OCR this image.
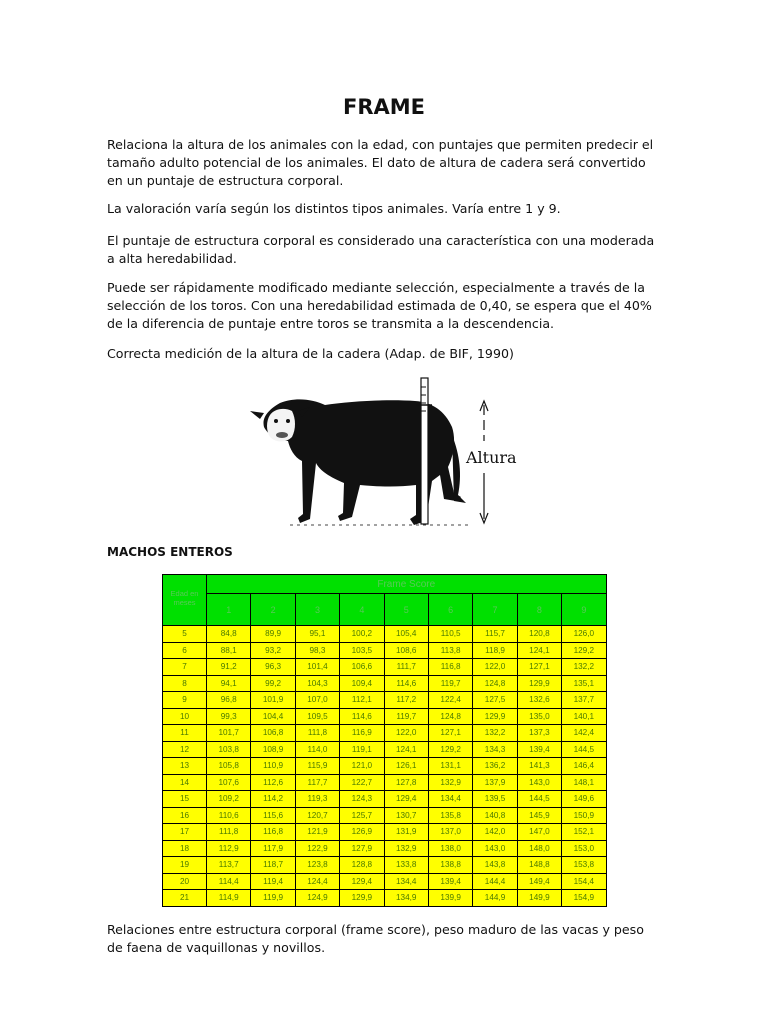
FRAME

Relaciona la altura de los animales con la edad, con puntajes que permiten predecir el tamaño adulto potencial de los animales. El dato de altura de cadera será convertido en un puntaje de estructura corporal.

La valoración varía según los distintos tipos animales. Varía entre 1 y 9.

El puntaje de estructura corporal es considerado una característica con una moderada a alta heredabilidad.

Puede ser rápidamente modificado mediante selección, especialmente a través de la selección de los toros. Con una heredabilidad estimada de 0,40, se espera que el 40% de la diferencia de puntaje entre toros se transmita a la descendencia.

Correcta medición de la altura de la cadera (Adap. de BIF, 1990)

Altura
MACHOS ENTEROS
Edad en meses	Frame Score								
	1	2	3	4	5	6	7	8	9
5	84,8	89,9	95,1	100,2	105,4	110,5	115,7	120,8	126,0
6	88,1	93,2	98,3	103,5	108,6	113,8	118,9	124,1	129,2
7	91,2	96,3	101,4	106,6	111,7	116,8	122,0	127,1	132,2
8	94,1	99,2	104,3	109,4	114,6	119,7	124,8	129,9	135,1
9	96,8	101,9	107,0	112,1	117,2	122,4	127,5	132,6	137,7
10	99,3	104,4	109,5	114,6	119,7	124,8	129,9	135,0	140,1
11	101,7	106,8	111,8	116,9	122,0	127,1	132,2	137,3	142,4
12	103,8	108,9	114,0	119,1	124,1	129,2	134,3	139,4	144,5
13	105,8	110,9	115,9	121,0	126,1	131,1	136,2	141,3	146,4
14	107,6	112,6	117,7	122,7	127,8	132,9	137,9	143,0	148,1
15	109,2	114,2	119,3	124,3	129,4	134,4	139,5	144,5	149,6
16	110,6	115,6	120,7	125,7	130,7	135,8	140,8	145,9	150,9
17	111,8	116,8	121,9	126,9	131,9	137,0	142,0	147,0	152,1
18	112,9	117,9	122,9	127,9	132,9	138,0	143,0	148,0	153,0
19	113,7	118,7	123,8	128,8	133,8	138,8	143,8	148,8	153,8
20	114,4	119,4	124,4	129,4	134,4	139,4	144,4	149,4	154,4
21	114,9	119,9	124,9	129,9	134,9	139,9	144,9	149,9	154,9

Relaciones entre estructura corporal (frame score), peso maduro de las vacas y peso de faena de vaquillonas y novillos.
